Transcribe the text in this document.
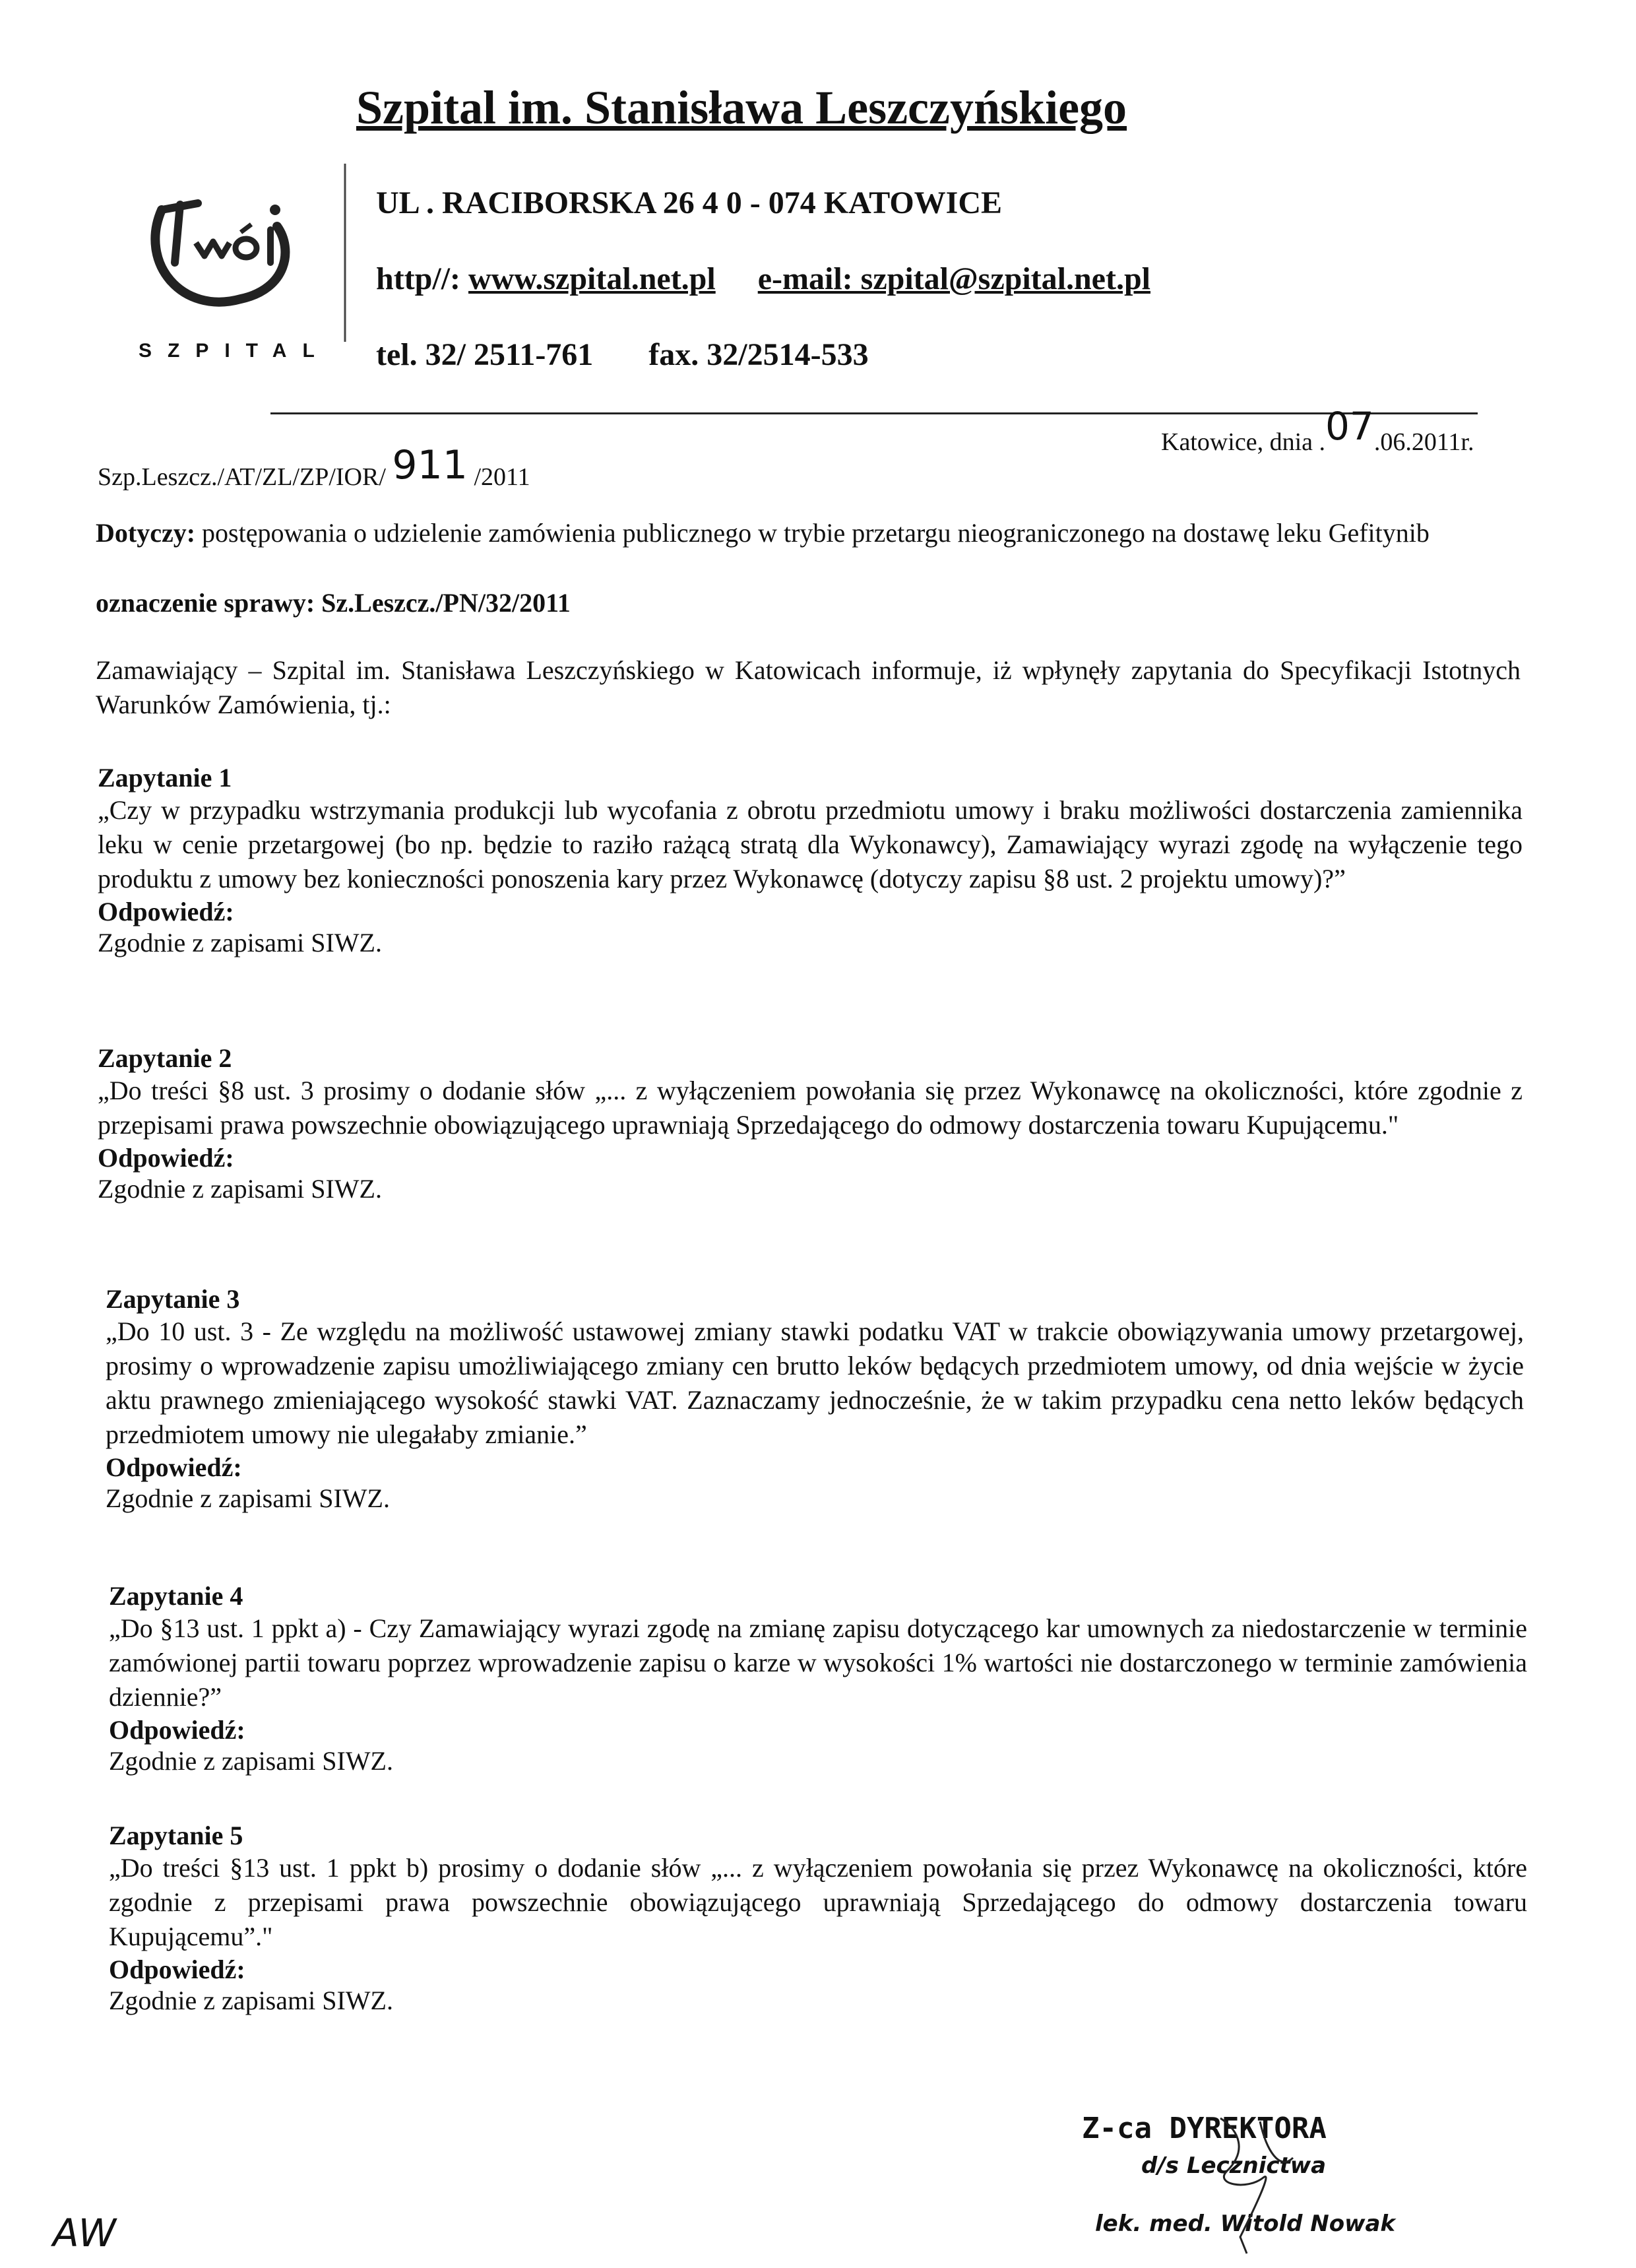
Szpital im. Stanisława Leszczyńskiego
SZPITAL
UL . RACIBORSKA 26 4 0 - 074 KATOWICE
http//: www.szpital.net.pl e-mail: szpital@szpital.net.pl
tel. 32/ 2511-761 fax. 32/2514-533
Katowice, dnia .07.06.2011r.
Szp.Leszcz./AT/ZL/ZP/IOR/ 911 /2011
Dotyczy: postępowania o udzielenie zamówienia publicznego w trybie przetargu nieograniczonego na dostawę leku Gefitynib
oznaczenie sprawy: Sz.Leszcz./PN/32/2011
Zamawiający – Szpital im. Stanisława Leszczyńskiego w Katowicach informuje, iż wpłynęły zapytania do Specyfikacji Istotnych Warunków Zamówienia, tj.:
Zapytanie 1
„Czy w przypadku wstrzymania produkcji lub wycofania z obrotu przedmiotu umowy i braku możliwości dostarczenia zamiennika leku w cenie przetargowej (bo np. będzie to raziło rażącą stratą dla Wykonawcy), Zamawiający wyrazi zgodę na wyłączenie tego produktu z umowy bez konieczności ponoszenia kary przez Wykonawcę (dotyczy zapisu §8 ust. 2 projektu umowy)?”
Odpowiedź:
Zgodnie z zapisami SIWZ.
Zapytanie 2
„Do treści §8 ust. 3 prosimy o dodanie słów „... z wyłączeniem powołania się przez Wykonawcę na okoliczności, które zgodnie z przepisami prawa powszechnie obowiązującego uprawniają Sprzedającego do odmowy dostarczenia towaru Kupującemu."
Odpowiedź:
Zgodnie z zapisami SIWZ.
Zapytanie 3
„Do 10 ust. 3 - Ze względu na możliwość ustawowej zmiany stawki podatku VAT w trakcie obowiązywania umowy przetargowej, prosimy o wprowadzenie zapisu umożliwiającego zmiany cen brutto leków będących przedmiotem umowy, od dnia wejście w życie aktu prawnego zmieniającego wysokość stawki VAT. Zaznaczamy jednocześnie, że w takim przypadku cena netto leków będących przedmiotem umowy nie ulegałaby zmianie.”
Odpowiedź:
Zgodnie z zapisami SIWZ.
Zapytanie 4
„Do §13 ust. 1 ppkt a) - Czy Zamawiający wyrazi zgodę na zmianę zapisu dotyczącego kar umownych za niedostarczenie w terminie zamówionej partii towaru poprzez wprowadzenie zapisu o karze w wysokości 1% wartości nie dostarczonego w terminie zamówienia dziennie?”
Odpowiedź:
Zgodnie z zapisami SIWZ.
Zapytanie 5
„Do treści §13 ust. 1 ppkt b) prosimy o dodanie słów „... z wyłączeniem powołania się przez Wykonawcę na okoliczności, które zgodnie z przepisami prawa powszechnie obowiązującego uprawniają Sprzedającego do odmowy dostarczenia towaru Kupującemu”."
Odpowiedź:
Zgodnie z zapisami SIWZ.
Z-ca DYREKTORA
d/s Lecznictwa
lek. med. Witold Nowak
AW
